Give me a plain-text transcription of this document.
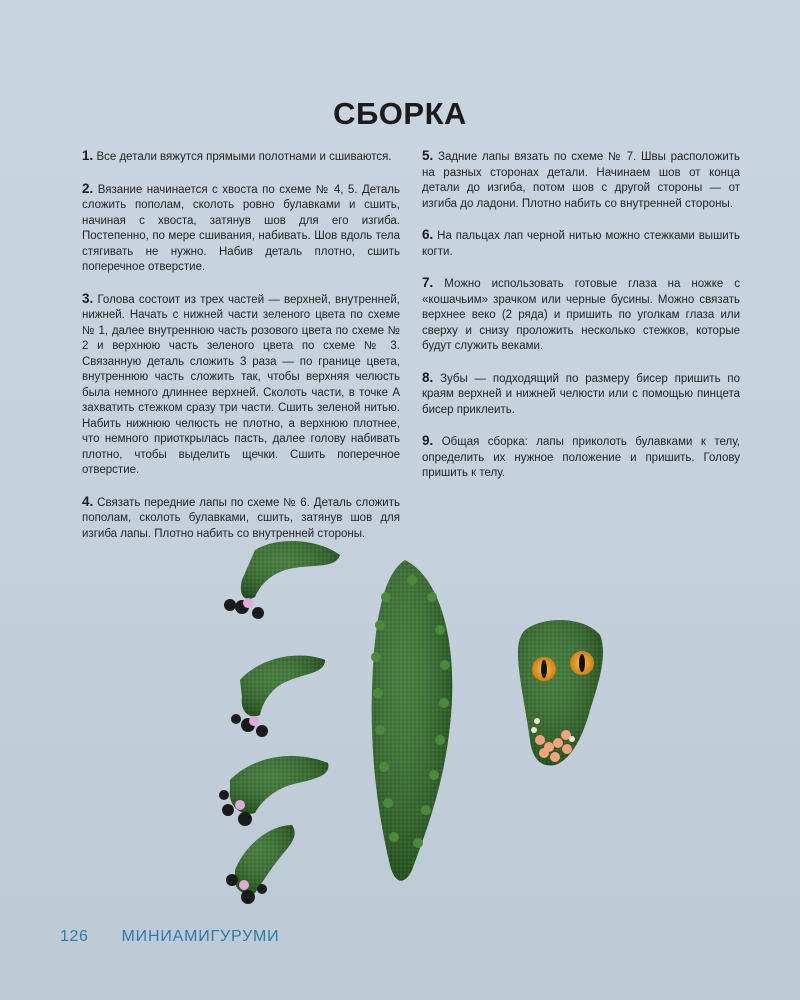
СБОРКА

1. Все детали вяжутся прямыми полотнами и сшиваются.

2. Вязание начинается с хвоста по схеме № 4, 5. Деталь сложить пополам, сколоть ровно булавками и сшить, начиная с хвоста, затянув шов для его изгиба. Постепенно, по мере сшивания, набивать. Шов вдоль тела стягивать не нужно. Набив деталь плотно, сшить поперечное отверстие.

3. Голова состоит из трех частей — верхней, внутренней, нижней. Начать с нижней части зеленого цвета по схеме № 1, далее внутреннюю часть розового цвета по схеме № 2 и верхнюю часть зеленого цвета по схеме № 3. Связанную деталь сложить 3 раза — по границе цвета, внутреннюю часть сложить так, чтобы верхняя челюсть была немного длиннее верхней. Сколоть части, в точке А захватить стежком сразу три части. Сшить зеленой нитью. Набить нижнюю челюсть не плотно, а верхнюю плотнее, что немного приоткрылась пасть, далее голову набивать плотно, чтобы выделить щечки. Сшить поперечное отверстие.

4. Связать передние лапы по схеме № 6. Деталь сложить пополам, сколоть булавками, сшить, затянув шов для изгиба лапы. Плотно набить со внутренней стороны.

5. Задние лапы вязать по схеме № 7. Швы расположить на разных сторонах детали. Начинаем шов от конца детали до изгиба, потом шов с другой стороны — от изгиба до ладони. Плотно набить со внутренней стороны.

6. На пальцах лап черной нитью можно стежками вышить когти.

7. Можно использовать готовые глаза на ножке с «кошачьим» зрачком или черные бусины. Можно связать верхнее веко (2 ряда) и пришить по уголкам глаза или сверху и снизу проложить несколько стежков, которые будут служить веками.

8. Зубы — подходящий по размеру бисер пришить по краям верхней и нижней челюсти или с помощью пинцета бисер приклеить.

9. Общая сборка: лапы приколоть булавками к телу, определить их нужное положение и пришить. Голову пришить к телу.

126 МИНИАМИГУРУМИ
